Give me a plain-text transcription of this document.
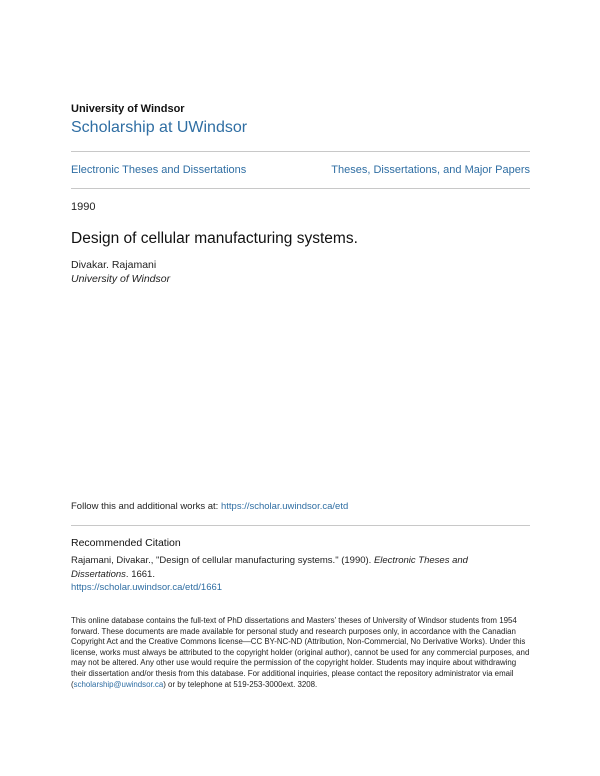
University of Windsor
Scholarship at UWindsor
Electronic Theses and Dissertations	Theses, Dissertations, and Major Papers
1990
Design of cellular manufacturing systems.
Divakar. Rajamani
University of Windsor
Follow this and additional works at: https://scholar.uwindsor.ca/etd
Recommended Citation
Rajamani, Divakar., "Design of cellular manufacturing systems." (1990). Electronic Theses and Dissertations. 1661.
https://scholar.uwindsor.ca/etd/1661
This online database contains the full-text of PhD dissertations and Masters’ theses of University of Windsor students from 1954 forward. These documents are made available for personal study and research purposes only, in accordance with the Canadian Copyright Act and the Creative Commons license—CC BY-NC-ND (Attribution, Non-Commercial, No Derivative Works). Under this license, works must always be attributed to the copyright holder (original author), cannot be used for any commercial purposes, and may not be altered. Any other use would require the permission of the copyright holder. Students may inquire about withdrawing their dissertation and/or thesis from this database. For additional inquiries, please contact the repository administrator via email (scholarship@uwindsor.ca) or by telephone at 519-253-3000ext. 3208.
